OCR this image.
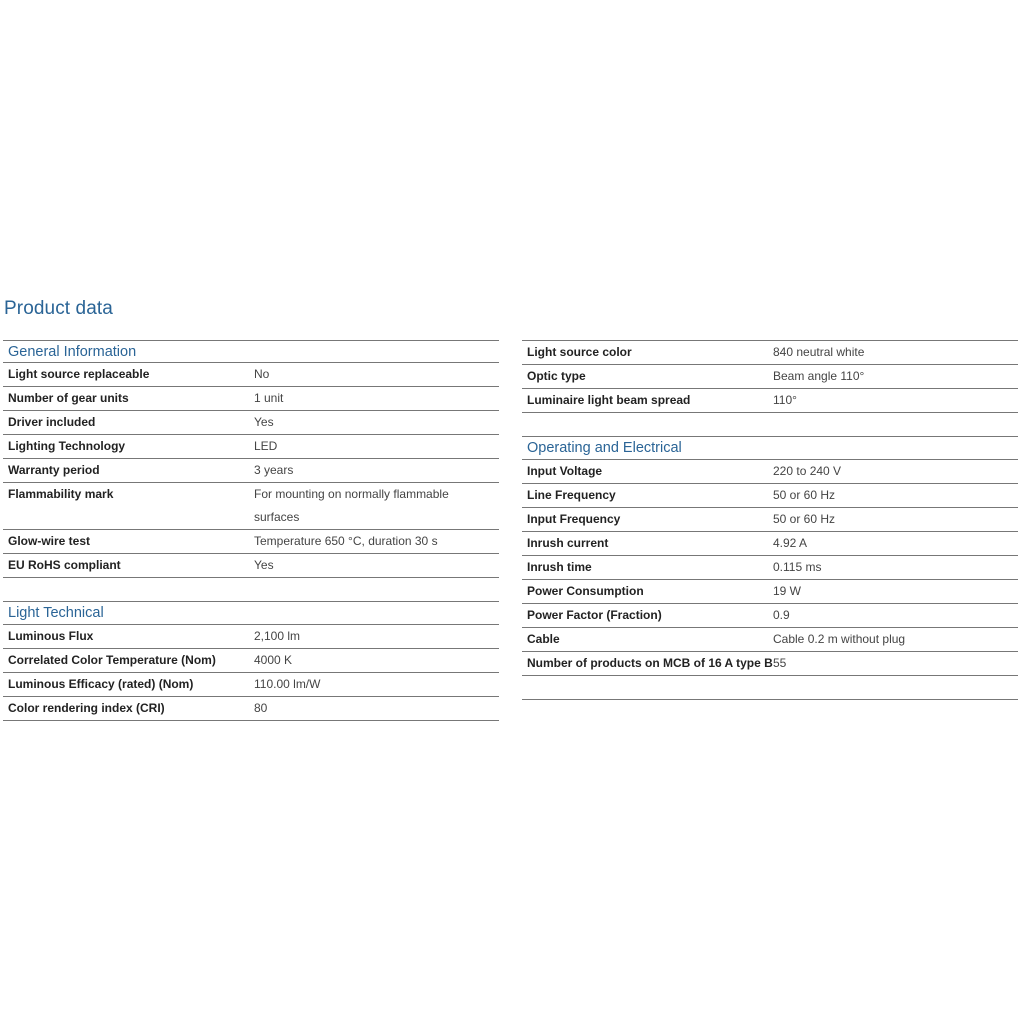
Product data
General Information
Light source replaceable	No
Number of gear units	1 unit
Driver included	Yes
Lighting Technology	LED
Warranty period	3 years
Flammability mark	For mounting on normally flammable surfaces
Glow-wire test	Temperature 650 °C, duration 30 s
EU RoHS compliant	Yes
Light Technical
Luminous Flux	2,100 lm
Correlated Color Temperature (Nom)	4000 K
Luminous Efficacy (rated) (Nom)	110.00 lm/W
Color rendering index (CRI)	80
Light source color	840 neutral white
Optic type	Beam angle 110°
Luminaire light beam spread	110°
Operating and Electrical
Input Voltage	220 to 240 V
Line Frequency	50 or 60 Hz
Input Frequency	50 or 60 Hz
Inrush current	4.92 A
Inrush time	0.115 ms
Power Consumption	19 W
Power Factor (Fraction)	0.9
Cable	Cable 0.2 m without plug
Number of products on MCB of 16 A type B 55
